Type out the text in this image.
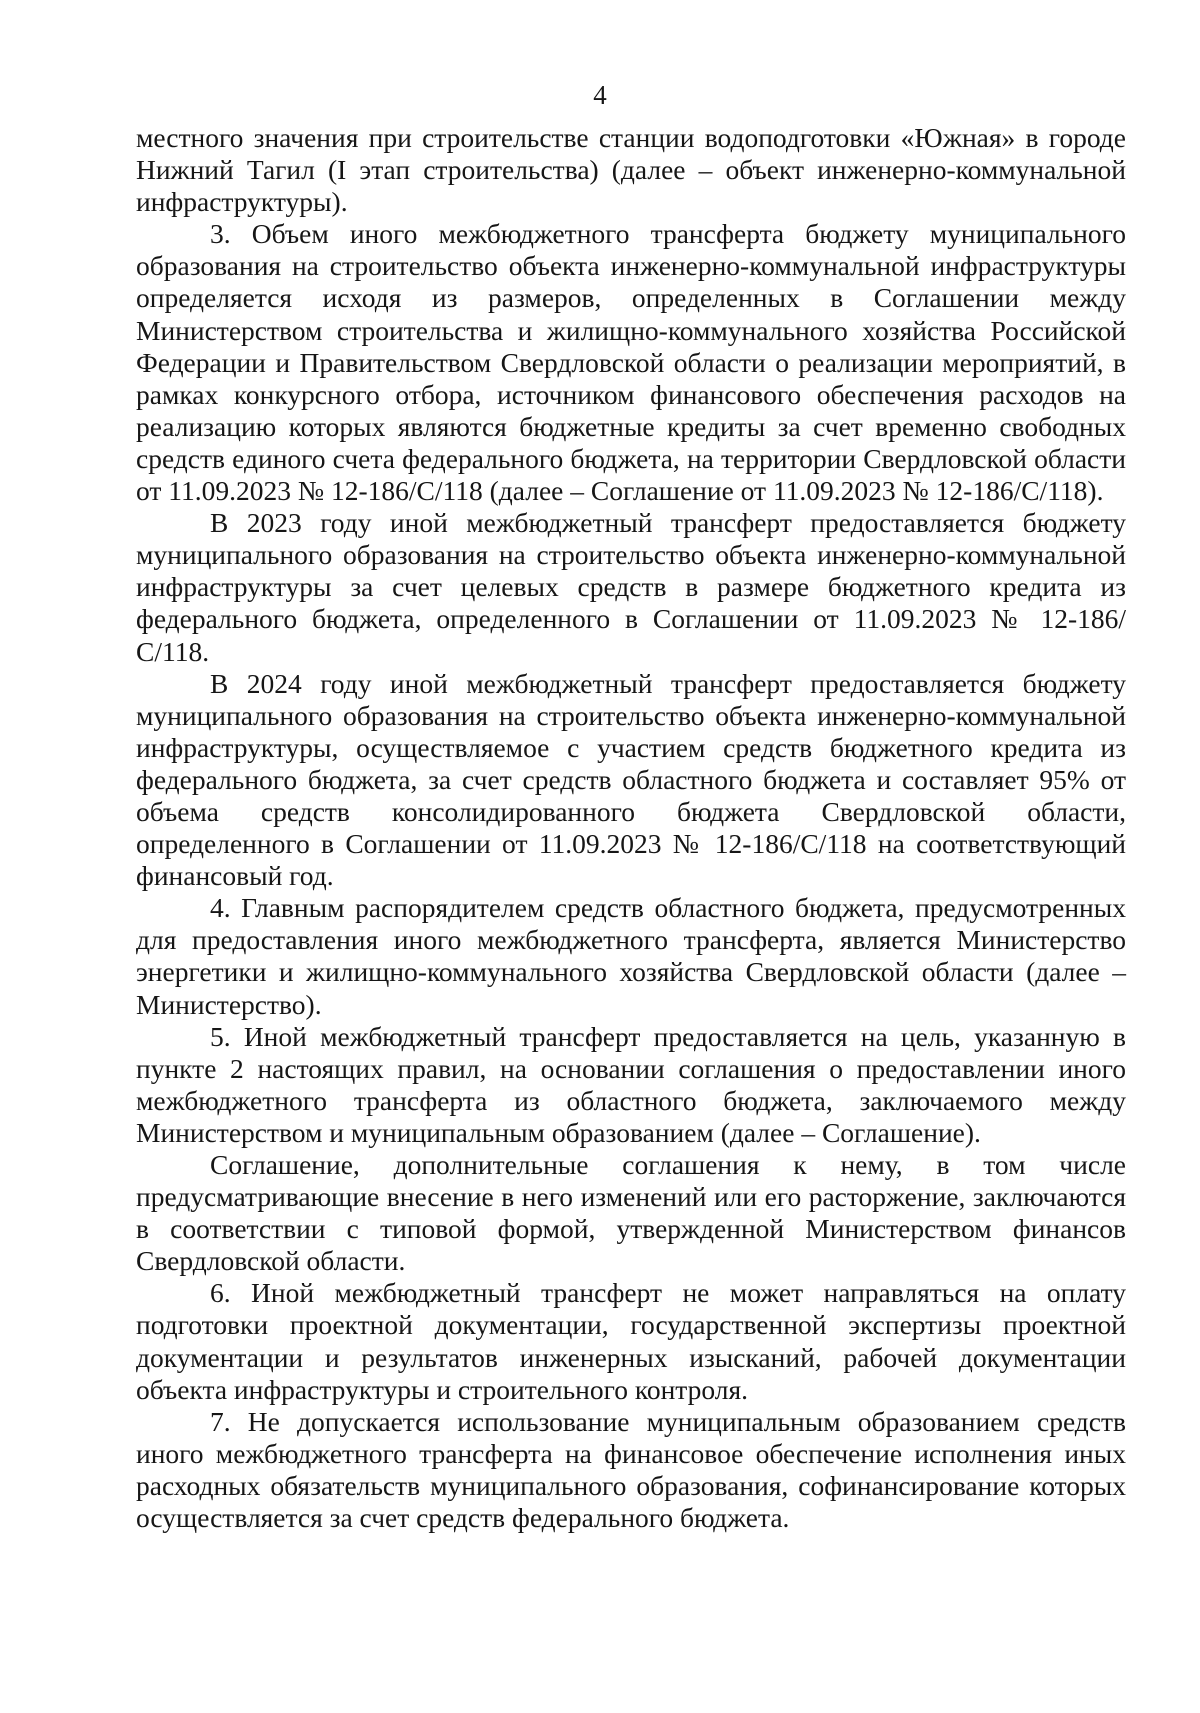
4

местного значения при строительстве станции водоподготовки «Южная» в городе Нижний Тагил (I этап строительства) (далее – объект инженерно-коммунальной инфраструктуры).

3. Объем иного межбюджетного трансферта бюджету муниципального образования на строительство объекта инженерно-коммунальной инфраструктуры определяется исходя из размеров, определенных в Соглашении между Министерством строительства и жилищно-коммунального хозяйства Российской Федерации и Правительством Свердловской области о реализации мероприятий, в рамках конкурсного отбора, источником финансового обеспечения расходов на реализацию которых являются бюджетные кредиты за счет временно свободных средств единого счета федерального бюджета, на территории Свердловской области от 11.09.2023 № 12-186/С/118 (далее – Соглашение от 11.09.2023 № 12-186/С/118).

В 2023 году иной межбюджетный трансферт предоставляется бюджету муниципального образования на строительство объекта инженерно-коммунальной инфраструктуры за счет целевых средств в размере бюджетного кредита из федерального бюджета, определенного в Соглашении от 11.09.2023 № 12-186/С/118.

В 2024 году иной межбюджетный трансферт предоставляется бюджету муниципального образования на строительство объекта инженерно-коммунальной инфраструктуры, осуществляемое с участием средств бюджетного кредита из федерального бюджета, за счет средств областного бюджета и составляет 95% от объема средств консолидированного бюджета Свердловской области, определенного в Соглашении от 11.09.2023 № 12-186/С/118 на соответствующий финансовый год.

4. Главным распорядителем средств областного бюджета, предусмотренных для предоставления иного межбюджетного трансферта, является Министерство энергетики и жилищно-коммунального хозяйства Свердловской области (далее – Министерство).

5. Иной межбюджетный трансферт предоставляется на цель, указанную в пункте 2 настоящих правил, на основании соглашения о предоставлении иного межбюджетного трансферта из областного бюджета, заключаемого между Министерством и муниципальным образованием (далее – Соглашение).

Соглашение, дополнительные соглашения к нему, в том числе предусматривающие внесение в него изменений или его расторжение, заключаются в соответствии с типовой формой, утвержденной Министерством финансов Свердловской области.

6. Иной межбюджетный трансферт не может направляться на оплату подготовки проектной документации, государственной экспертизы проектной документации и результатов инженерных изысканий, рабочей документации объекта инфраструктуры и строительного контроля.

7. Не допускается использование муниципальным образованием средств иного межбюджетного трансферта на финансовое обеспечение исполнения иных расходных обязательств муниципального образования, софинансирование которых осуществляется за счет средств федерального бюджета.
